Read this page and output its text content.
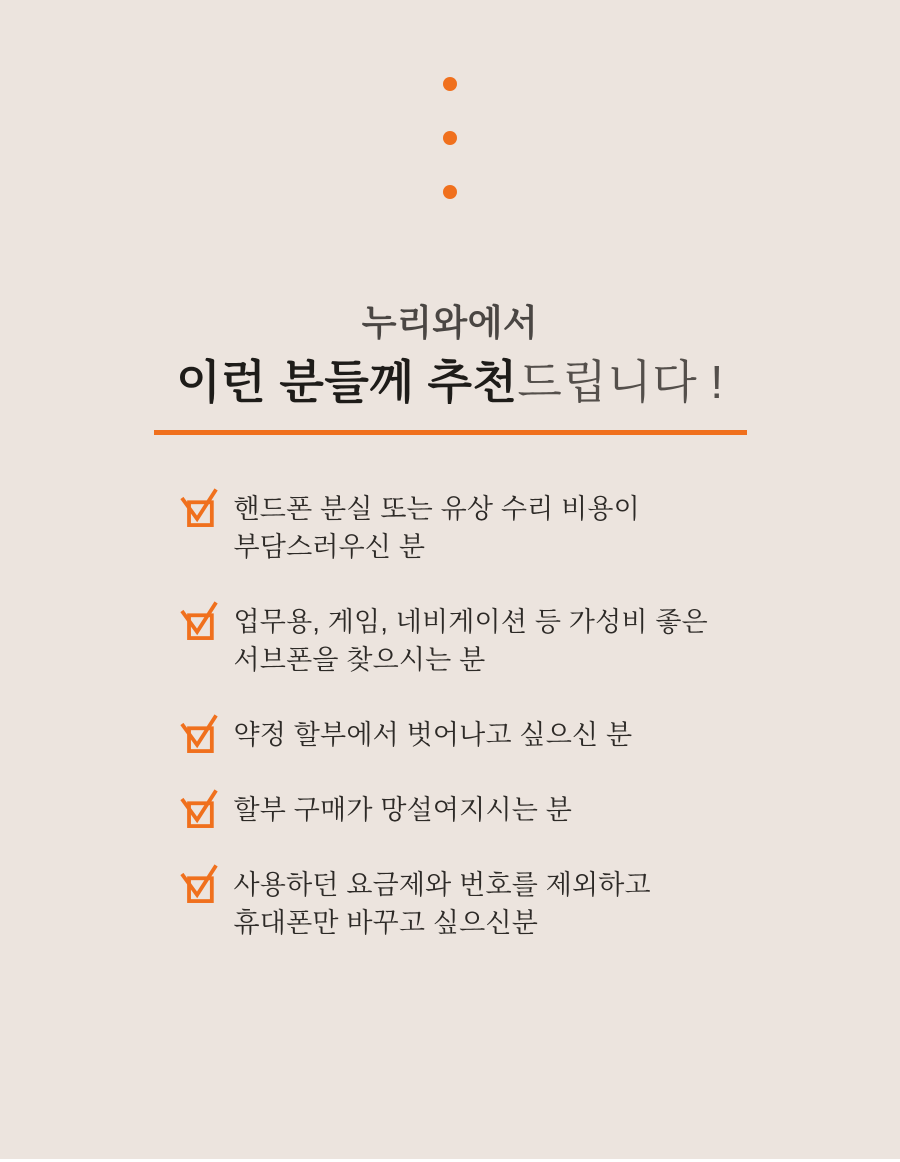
누리와에서
이런 분들께 추천드립니다 !
핸드폰 분실 또는 유상 수리 비용이
부담스러우신 분
업무용, 게임, 네비게이션 등 가성비 좋은
서브폰을 찾으시는 분
약정 할부에서 벗어나고 싶으신 분
할부 구매가 망설여지시는 분
사용하던 요금제와 번호를 제외하고
휴대폰만 바꾸고 싶으신분
